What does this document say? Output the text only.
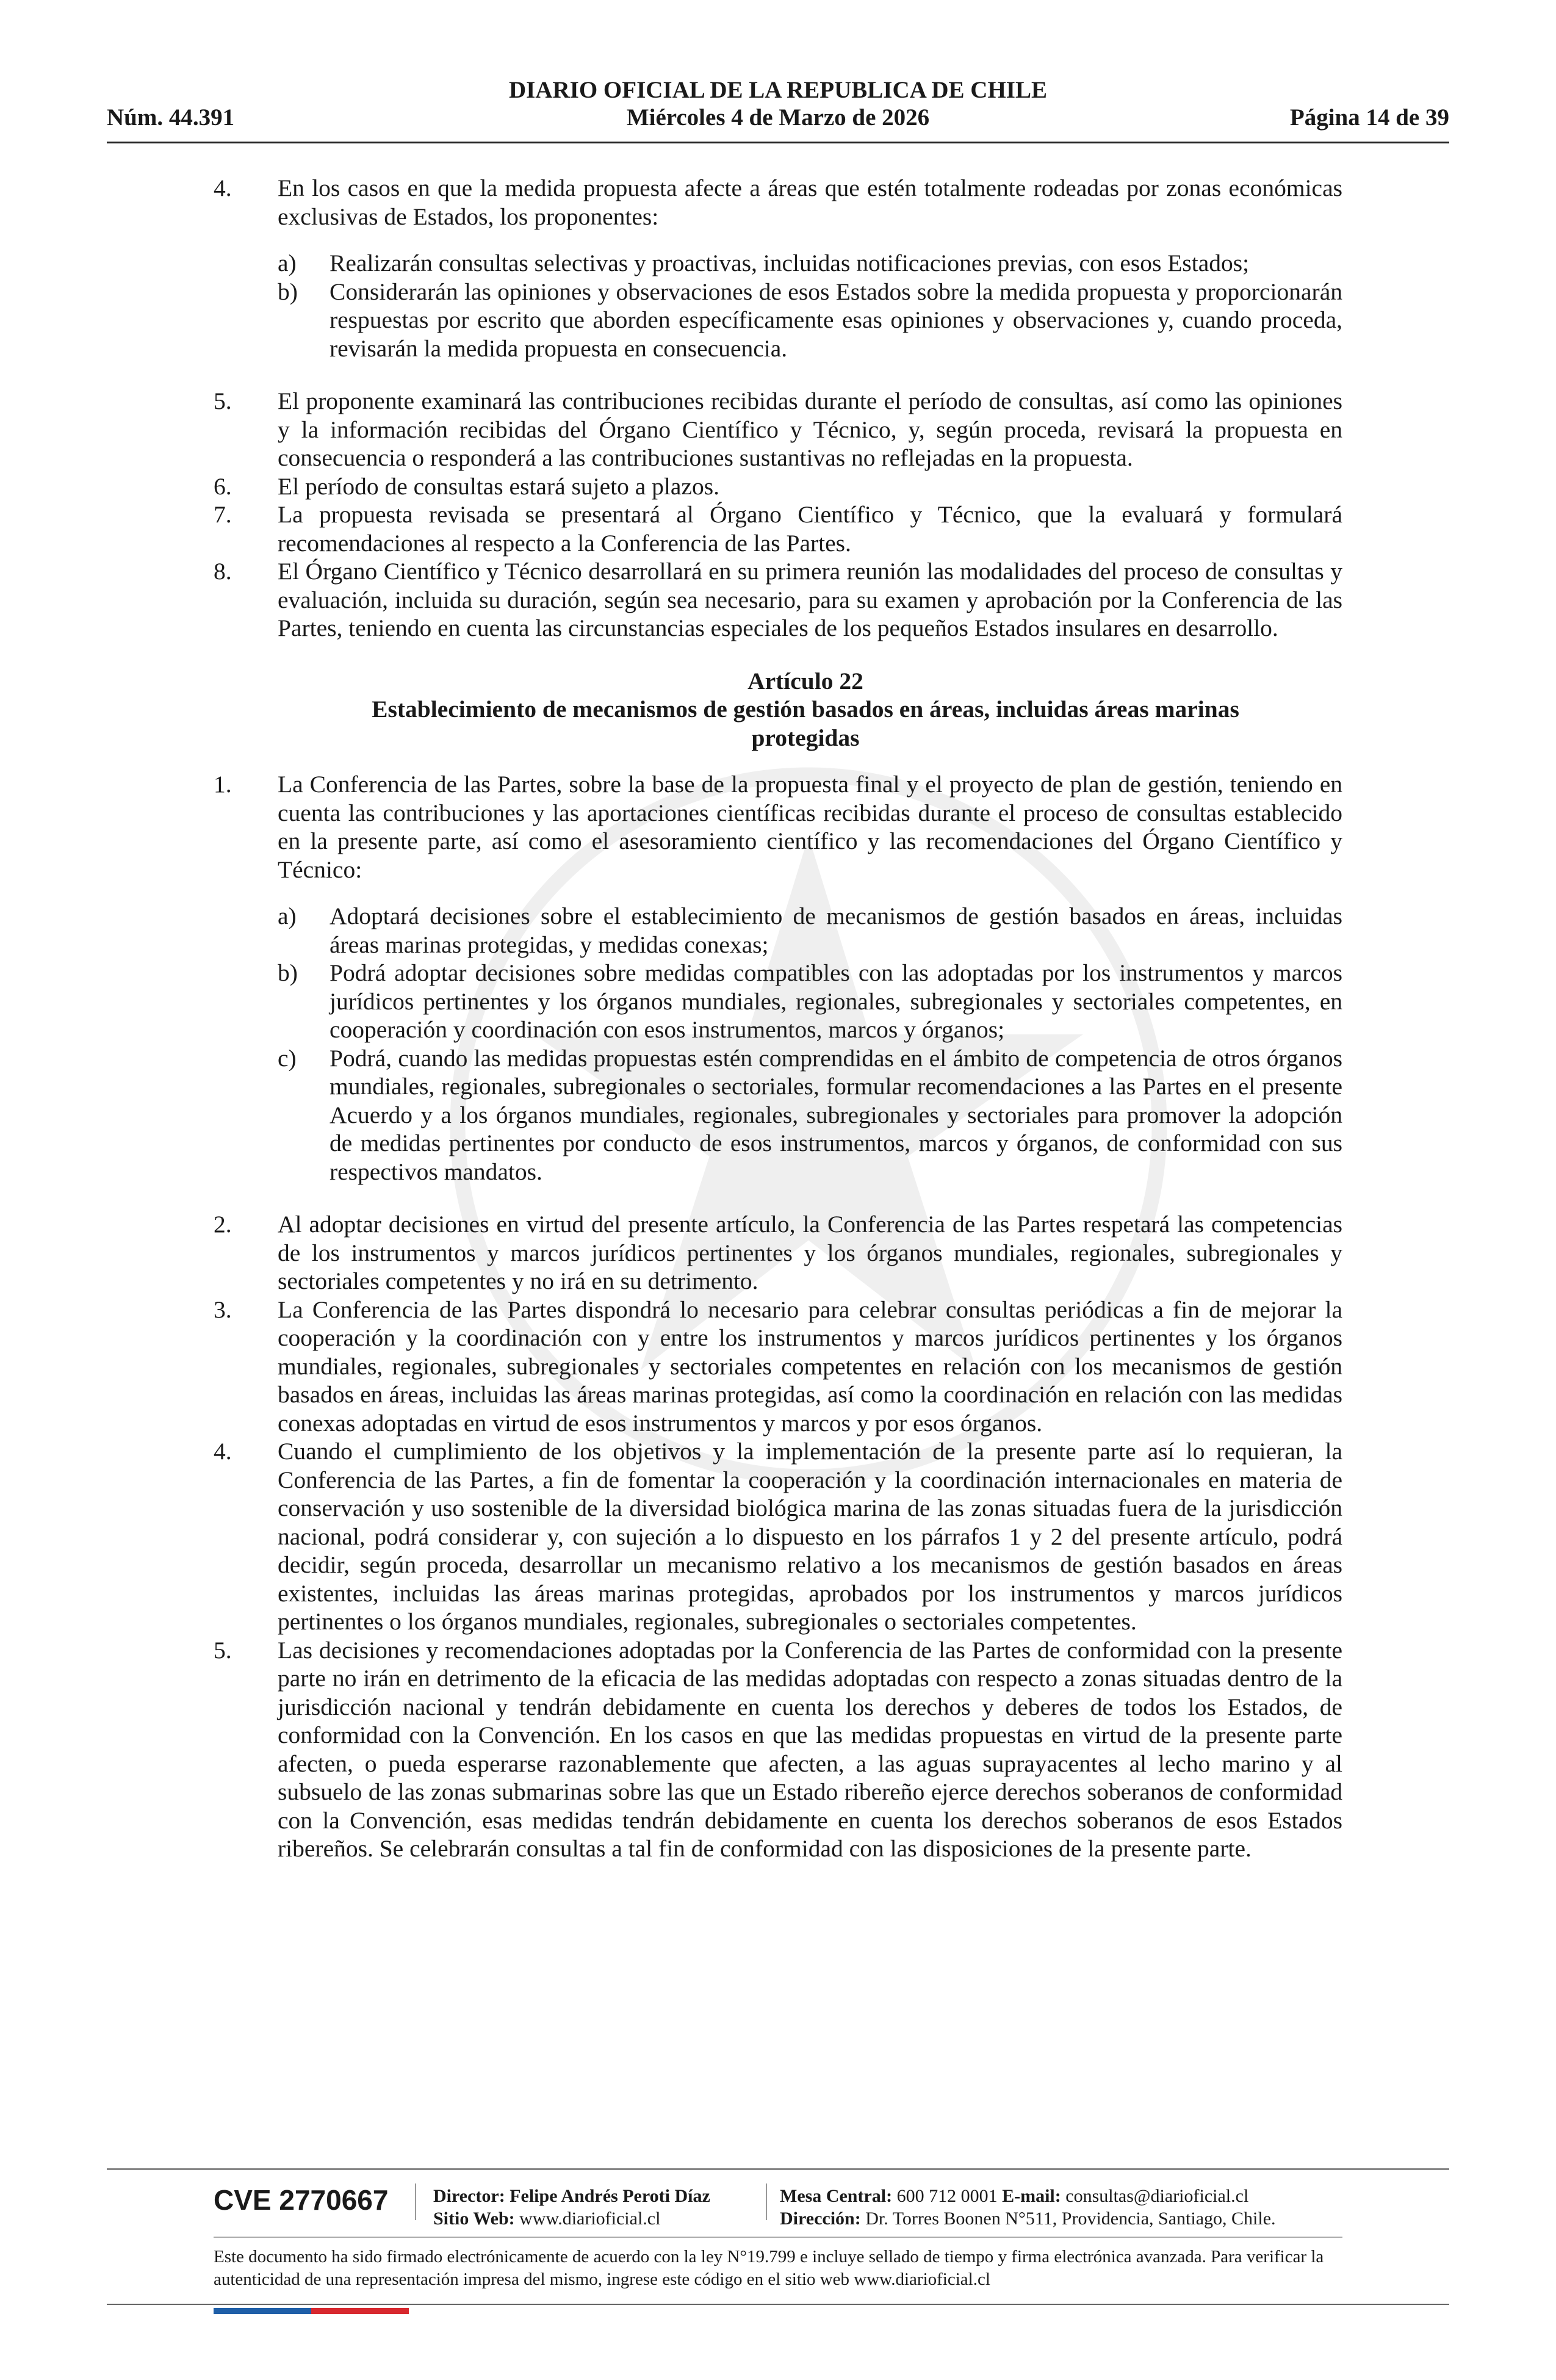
DIARIO OFICIAL DE LA REPUBLICA DE CHILE
Núm. 44.391	Miércoles 4 de Marzo de 2026	Página 14 de 39
4. En los casos en que la medida propuesta afecte a áreas que estén totalmente rodeadas por zonas económicas exclusivas de Estados, los proponentes:

a) Realizarán consultas selectivas y proactivas, incluidas notificaciones previas, con esos Estados;

b) Considerarán las opiniones y observaciones de esos Estados sobre la medida propuesta y proporcionarán respuestas por escrito que aborden específicamente esas opiniones y observaciones y, cuando proceda, revisarán la medida propuesta en consecuencia.

5. El proponente examinará las contribuciones recibidas durante el período de consultas, así como las opiniones y la información recibidas del Órgano Científico y Técnico, y, según proceda, revisará la propuesta en consecuencia o responderá a las contribuciones sustantivas no reflejadas en la propuesta.

6. El período de consultas estará sujeto a plazos.

7. La propuesta revisada se presentará al Órgano Científico y Técnico, que la evaluará y formulará recomendaciones al respecto a la Conferencia de las Partes.

8. El Órgano Científico y Técnico desarrollará en su primera reunión las modalidades del proceso de consultas y evaluación, incluida su duración, según sea necesario, para su examen y aprobación por la Conferencia de las Partes, teniendo en cuenta las circunstancias especiales de los pequeños Estados insulares en desarrollo.

Artículo 22
Establecimiento de mecanismos de gestión basados en áreas, incluidas áreas marinas
protegidas
1. La Conferencia de las Partes, sobre la base de la propuesta final y el proyecto de plan de gestión, teniendo en cuenta las contribuciones y las aportaciones científicas recibidas durante el proceso de consultas establecido en la presente parte, así como el asesoramiento científico y las recomendaciones del Órgano Científico y Técnico:

a) Adoptará decisiones sobre el establecimiento de mecanismos de gestión basados en áreas, incluidas áreas marinas protegidas, y medidas conexas;

b) Podrá adoptar decisiones sobre medidas compatibles con las adoptadas por los instrumentos y marcos jurídicos pertinentes y los órganos mundiales, regionales, subregionales y sectoriales competentes, en cooperación y coordinación con esos instrumentos, marcos y órganos;

c) Podrá, cuando las medidas propuestas estén comprendidas en el ámbito de competencia de otros órganos mundiales, regionales, subregionales o sectoriales, formular recomendaciones a las Partes en el presente Acuerdo y a los órganos mundiales, regionales, subregionales y sectoriales para promover la adopción de medidas pertinentes por conducto de esos instrumentos, marcos y órganos, de conformidad con sus respectivos mandatos.

2. Al adoptar decisiones en virtud del presente artículo, la Conferencia de las Partes respetará las competencias de los instrumentos y marcos jurídicos pertinentes y los órganos mundiales, regionales, subregionales y sectoriales competentes y no irá en su detrimento.

3. La Conferencia de las Partes dispondrá lo necesario para celebrar consultas periódicas a fin de mejorar la cooperación y la coordinación con y entre los instrumentos y marcos jurídicos pertinentes y los órganos mundiales, regionales, subregionales y sectoriales competentes en relación con los mecanismos de gestión basados en áreas, incluidas las áreas marinas protegidas, así como la coordinación en relación con las medidas conexas adoptadas en virtud de esos instrumentos y marcos y por esos órganos.

4. Cuando el cumplimiento de los objetivos y la implementación de la presente parte así lo requieran, la Conferencia de las Partes, a fin de fomentar la cooperación y la coordinación internacionales en materia de conservación y uso sostenible de la diversidad biológica marina de las zonas situadas fuera de la jurisdicción nacional, podrá considerar y, con sujeción a lo dispuesto en los párrafos 1 y 2 del presente artículo, podrá decidir, según proceda, desarrollar un mecanismo relativo a los mecanismos de gestión basados en áreas existentes, incluidas las áreas marinas protegidas, aprobados por los instrumentos y marcos jurídicos pertinentes o los órganos mundiales, regionales, subregionales o sectoriales competentes.

5. Las decisiones y recomendaciones adoptadas por la Conferencia de las Partes de conformidad con la presente parte no irán en detrimento de la eficacia de las medidas adoptadas con respecto a zonas situadas dentro de la jurisdicción nacional y tendrán debidamente en cuenta los derechos y deberes de todos los Estados, de conformidad con la Convención. En los casos en que las medidas propuestas en virtud de la presente parte afecten, o pueda esperarse razonablemente que afecten, a las aguas suprayacentes al lecho marino y al subsuelo de las zonas submarinas sobre las que un Estado ribereño ejerce derechos soberanos de conformidad con la Convención, esas medidas tendrán debidamente en cuenta los derechos soberanos de esos Estados ribereños. Se celebrarán consultas a tal fin de conformidad con las disposiciones de la presente parte.

CVE 2770667 Director: Felipe Andrés Peroti Díaz
Sitio Web: www.diarioficial.cl
Mesa Central: 600 712 0001 E-mail: consultas@diarioficial.cl
Dirección: Dr. Torres Boonen N°511, Providencia, Santiago, Chile.
Este documento ha sido firmado electrónicamente de acuerdo con la ley N°19.799 e incluye sellado de tiempo y firma electrónica avanzada. Para verificar la autenticidad de una representación impresa del mismo, ingrese este código en el sitio web www.diarioficial.cl
